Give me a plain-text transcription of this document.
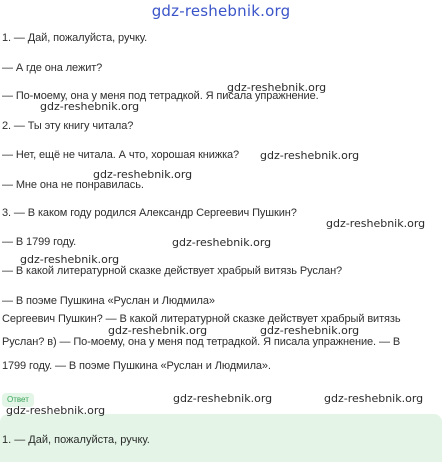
gdz-reshebnik.org
1. — Дай, пожалуйста, ручку.
— А где она лежит?
— По-моему, она у меня под тетрадкой. Я писала упражнение.
2. — Ты эту книгу читала?
— Нет, ещё не читала. А что, хорошая книжка?
— Мне она не понравилась.
3. — В каком году родился Александр Сергеевич Пушкин?
— В 1799 году.
— В какой литературной сказке действует храбрый витязь Руслан?
— В поэме Пушкина «Руслан и Людмила»
Сергеевич Пушкин? — В какой литературной сказке действует храбрый витязь
Руслан? в) — По-моему, она у меня под тетрадкой. Я писала упражнение. — В
1799 году. — В поэме Пушкина «Руслан и Людмила».
gdz-reshebnik.org
gdz-reshebnik.org
gdz-reshebnik.org
gdz-reshebnik.org
gdz-reshebnik.org
gdz-reshebnik.org
gdz-reshebnik.org
gdz-reshebnik.org	gdz-reshebnik.org
gdz-reshebnik.org	gdz-reshebnik.org
Ответ
gdz-reshebnik.org
1. — Дай, пожалуйста, ручку.
